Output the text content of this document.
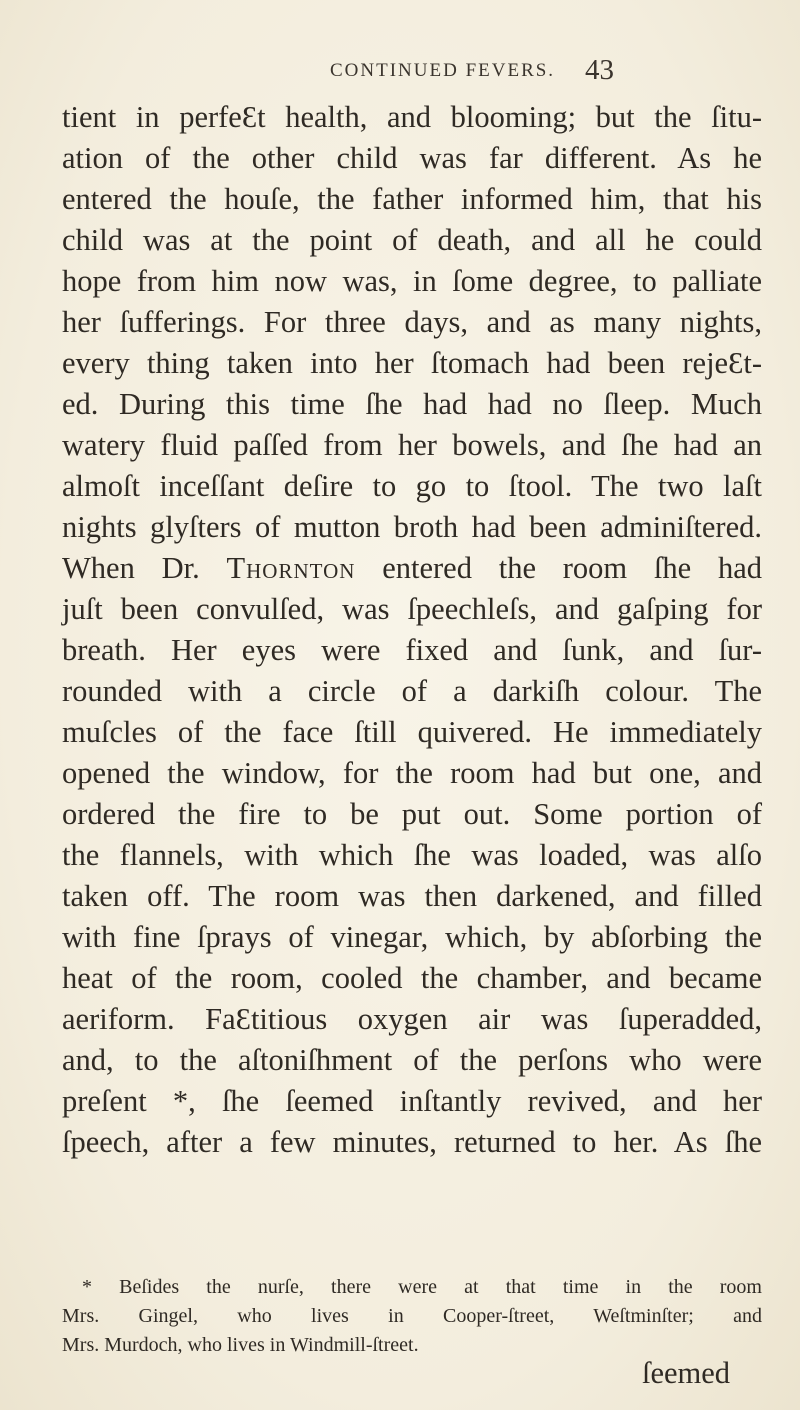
CONTINUED FEVERS. 43
tient in perfeƐt health, and blooming; but the ſitu-
ation of the other child was far different. As he
entered the houſe, the father informed him, that his
child was at the point of death, and all he could
hope from him now was, in ſome degree, to palliate
her ſufferings. For three days, and as many nights,
every thing taken into her ſtomach had been rejeƐt-
ed. During this time ſhe had had no ſleep. Much
watery fluid paſſed from her bowels, and ſhe had an
almoſt inceſſant deſire to go to ſtool. The two laſt
nights glyſters of mutton broth had been adminiſtered.
When Dr. Thornton entered the room ſhe had
juſt been convulſed, was ſpeechleſs, and gaſping for
breath. Her eyes were fixed and ſunk, and ſur-
rounded with a circle of a darkiſh colour. The
muſcles of the face ſtill quivered. He immediately
opened the window, for the room had but one, and
ordered the fire to be put out. Some portion of
the flannels, with which ſhe was loaded, was alſo
taken off. The room was then darkened, and filled
with fine ſprays of vinegar, which, by abſorbing the
heat of the room, cooled the chamber, and became
aeriform. FaƐtitious oxygen air was ſuperadded,
and, to the aſtoniſhment of the perſons who were
preſent *, ſhe ſeemed inſtantly revived, and her
ſpeech, after a few minutes, returned to her. As ſhe
* Beſides the nurſe, there were at that time in the room
Mrs. Gingel, who lives in Cooper-ſtreet, Weſtminſter; and
Mrs. Murdoch, who lives in Windmill-ſtreet.
ſeemed
